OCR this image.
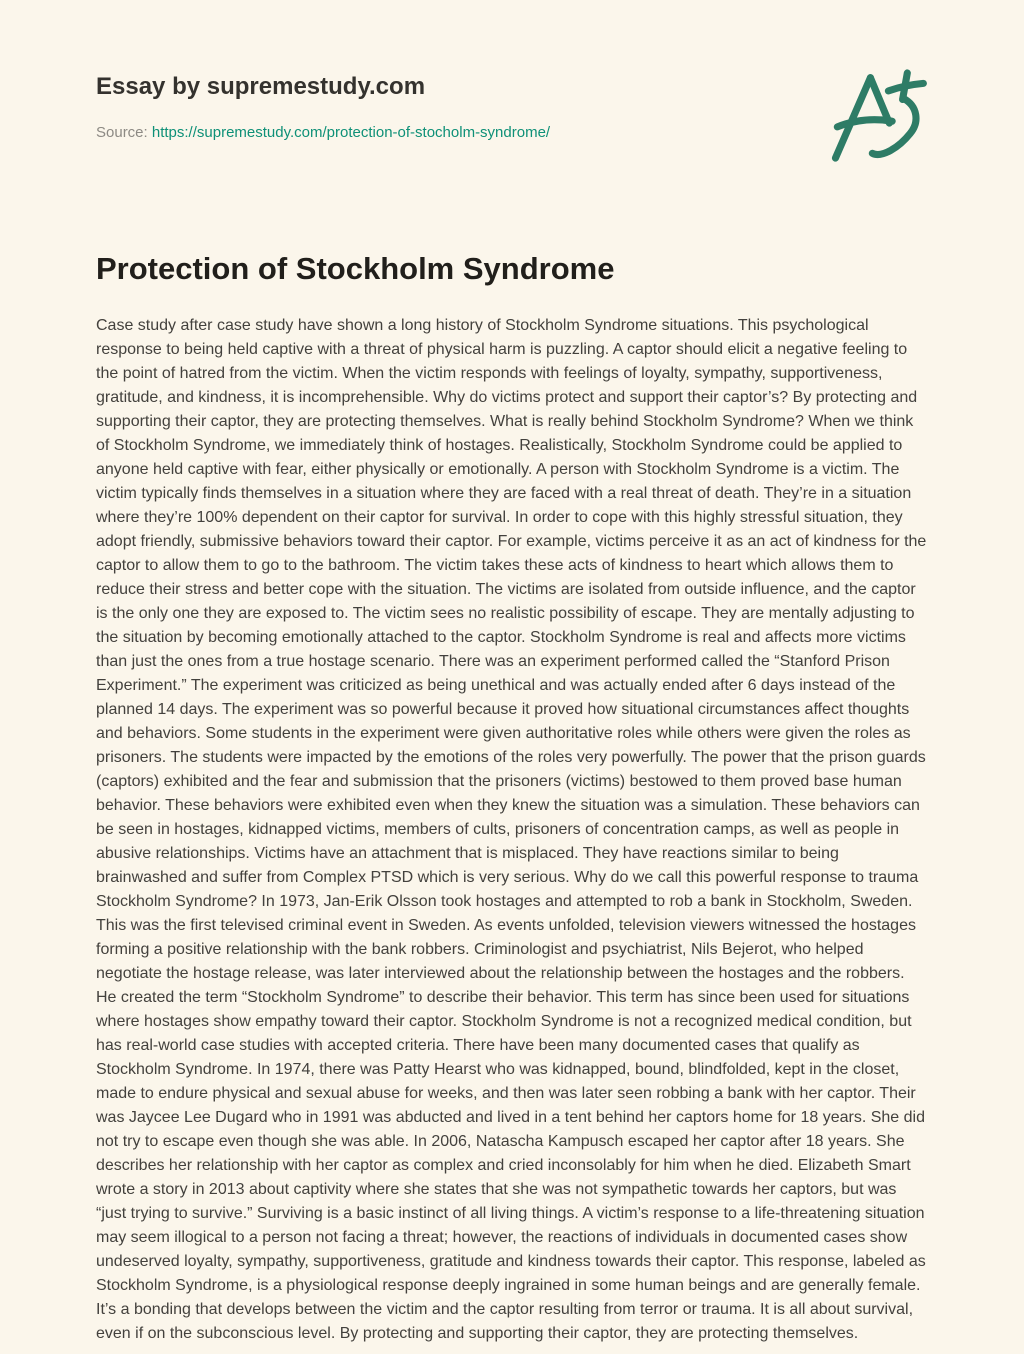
Essay by supremestudy.com
Source: https://supremestudy.com/protection-of-stocholm-syndrome/
Protection of Stockholm Syndrome

Case study after case study have shown a long history of Stockholm Syndrome situations. This psychological response to being held captive with a threat of physical harm is puzzling. A captor should elicit a negative feeling to the point of hatred from the victim. When the victim responds with feelings of loyalty, sympathy, supportiveness, gratitude, and kindness, it is incomprehensible. Why do victims protect and support their captor’s? By protecting and supporting their captor, they are protecting themselves. What is really behind Stockholm Syndrome? When we think of Stockholm Syndrome, we immediately think of hostages. Realistically, Stockholm Syndrome could be applied to anyone held captive with fear, either physically or emotionally. A person with Stockholm Syndrome is a victim. The victim typically finds themselves in a situation where they are faced with a real threat of death. They’re in a situation where they’re 100% dependent on their captor for survival. In order to cope with this highly stressful situation, they adopt friendly, submissive behaviors toward their captor. For example, victims perceive it as an act of kindness for the captor to allow them to go to the bathroom. The victim takes these acts of kindness to heart which allows them to reduce their stress and better cope with the situation. The victims are isolated from outside influence, and the captor is the only one they are exposed to. The victim sees no realistic possibility of escape. They are mentally adjusting to the situation by becoming emotionally attached to the captor. Stockholm Syndrome is real and affects more victims than just the ones from a true hostage scenario. There was an experiment performed called the “Stanford Prison Experiment.” The experiment was criticized as being unethical and was actually ended after 6 days instead of the planned 14 days. The experiment was so powerful because it proved how situational circumstances affect thoughts and behaviors. Some students in the experiment were given authoritative roles while others were given the roles as prisoners. The students were impacted by the emotions of the roles very powerfully. The power that the prison guards (captors) exhibited and the fear and submission that the prisoners (victims) bestowed to them proved base human behavior. These behaviors were exhibited even when they knew the situation was a simulation. These behaviors can be seen in hostages, kidnapped victims, members of cults, prisoners of concentration camps, as well as people in abusive relationships. Victims have an attachment that is misplaced. They have reactions similar to being brainwashed and suffer from Complex PTSD which is very serious. Why do we call this powerful response to trauma Stockholm Syndrome? In 1973, Jan-Erik Olsson took hostages and attempted to rob a bank in Stockholm, Sweden. This was the first televised criminal event in Sweden. As events unfolded, television viewers witnessed the hostages forming a positive relationship with the bank robbers. Criminologist and psychiatrist, Nils Bejerot, who helped negotiate the hostage release, was later interviewed about the relationship between the hostages and the robbers. He created the term “Stockholm Syndrome” to describe their behavior. This term has since been used for situations where hostages show empathy toward their captor. Stockholm Syndrome is not a recognized medical condition, but has real-world case studies with accepted criteria. There have been many documented cases that qualify as Stockholm Syndrome. In 1974, there was Patty Hearst who was kidnapped, bound, blindfolded, kept in the closet, made to endure physical and sexual abuse for weeks, and then was later seen robbing a bank with her captor. Their was Jaycee Lee Dugard who in 1991 was abducted and lived in a tent behind her captors home for 18 years. She did not try to escape even though she was able. In 2006, Natascha Kampusch escaped her captor after 18 years. She describes her relationship with her captor as complex and cried inconsolably for him when he died. Elizabeth Smart wrote a story in 2013 about captivity where she states that she was not sympathetic towards her captors, but was “just trying to survive.” Surviving is a basic instinct of all living things. A victim’s response to a life-threatening situation may seem illogical to a person not facing a threat; however, the reactions of individuals in documented cases show undeserved loyalty, sympathy, supportiveness, gratitude and kindness towards their captor. This response, labeled as Stockholm Syndrome, is a physiological response deeply ingrained in some human beings and are generally female. It’s a bonding that develops between the victim and the captor resulting from terror or trauma. It is all about survival, even if on the subconscious level. By protecting and supporting their captor, they are protecting themselves.
